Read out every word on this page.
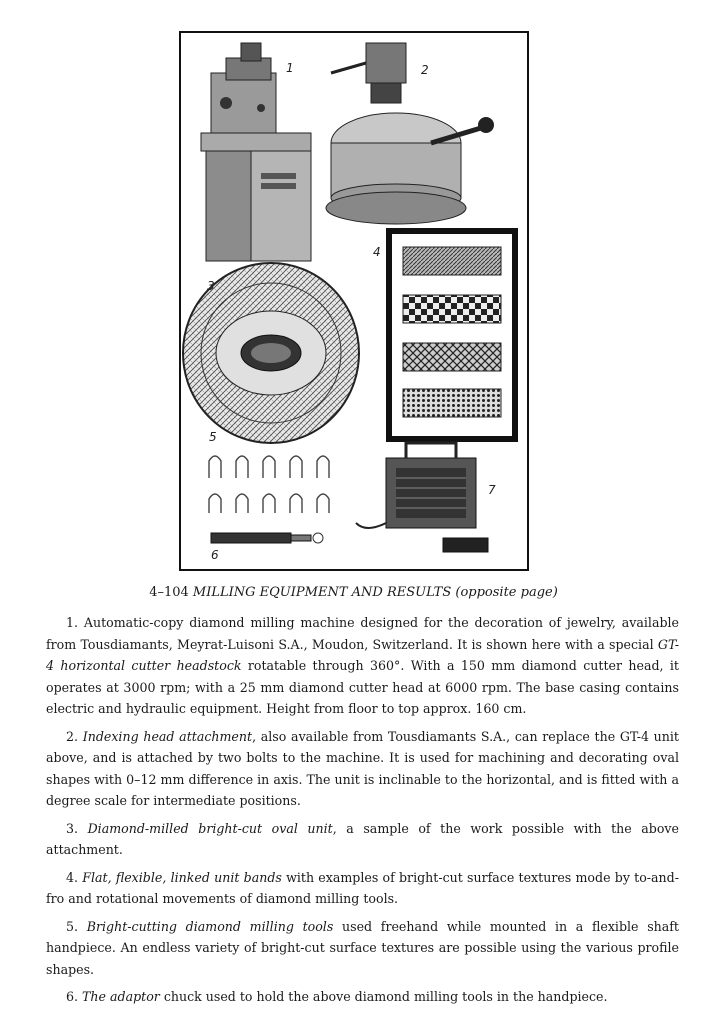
1	2
3
4
5
6
7
4–104 MILLING EQUIPMENT AND RESULTS (opposite page)

1. Automatic-copy diamond milling machine designed for the decoration of jewelry, available from Tousdiamants, Meyrat-Luisoni S.A., Moudon, Switzerland. It is shown here with a special GT-4 horizontal cutter headstock rotatable through 360°. With a 150 mm diamond cutter head, it operates at 3000 rpm; with a 25 mm diamond cutter head at 6000 rpm. The base casing contains electric and hydraulic equipment. Height from floor to top approx. 160 cm.

2. Indexing head attachment, also available from Tousdiamants S.A., can replace the GT-4 unit above, and is attached by two bolts to the machine. It is used for machining and decorating oval shapes with 0–12 mm difference in axis. The unit is inclinable to the horizontal, and is fitted with a degree scale for intermediate positions.

3. Diamond-milled bright-cut oval unit, a sample of the work possible with the above attachment.

4. Flat, flexible, linked unit bands with examples of bright-cut surface textures mode by to-and-fro and rotational movements of diamond milling tools.

5. Bright-cutting diamond milling tools used freehand while mounted in a flexible shaft handpiece. An endless variety of bright-cut surface textures are possible using the various profile shapes.

6. The adaptor chuck used to hold the above diamond milling tools in the handpiece.
